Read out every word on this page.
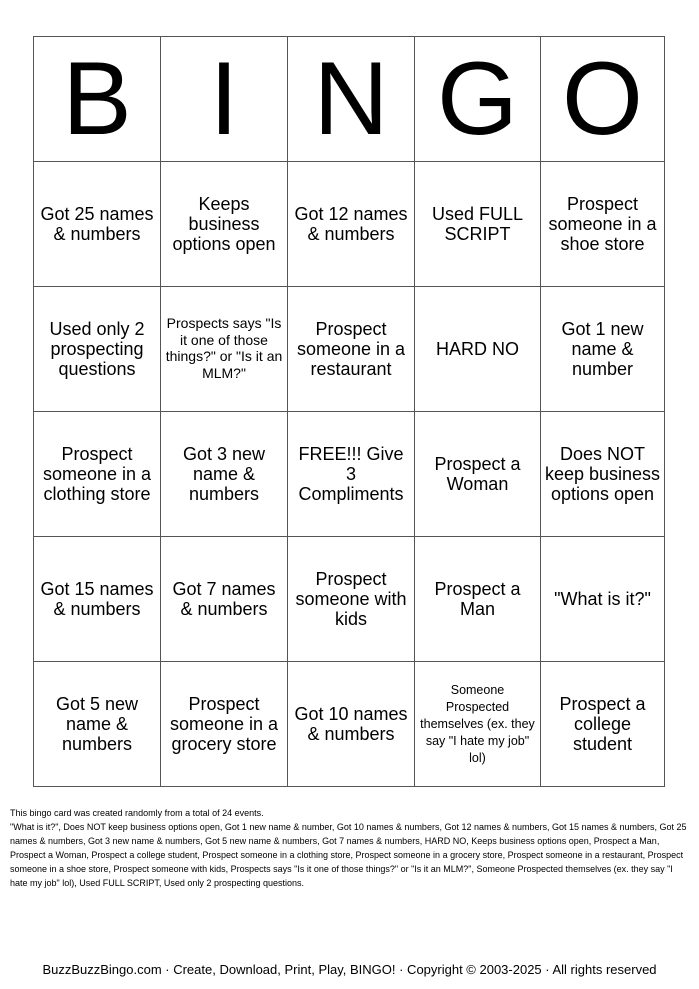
B	I	N	G	O
Got 25 names & numbers	Keeps business options open	Got 12 names & numbers	Used FULL SCRIPT	Prospect someone in a shoe store
Used only 2 prospecting questions	Prospects says "Is it one of those things?" or "Is it an MLM?"	Prospect someone in a restaurant	HARD NO	Got 1 new name & number
Prospect someone in a clothing store	Got 3 new name & numbers	FREE!!! Give 3 Compliments	Prospect a Woman	Does NOT keep business options open
Got 15 names & numbers	Got 7 names & numbers	Prospect someone with kids	Prospect a Man	"What is it?"
Got 5 new name & numbers	Prospect someone in a grocery store	Got 10 names & numbers	Someone Prospected themselves (ex. they say "I hate my job" lol)	Prospect a college student
This bingo card was created randomly from a total of 24 events.
"What is it?", Does NOT keep business options open, Got 1 new name & number, Got 10 names & numbers, Got 12 names & numbers, Got 15 names & numbers, Got 25 names & numbers, Got 3 new name & numbers, Got 5 new name & numbers, Got 7 names & numbers, HARD NO, Keeps business options open, Prospect a Man, Prospect a Woman, Prospect a college student, Prospect someone in a clothing store, Prospect someone in a grocery store, Prospect someone in a restaurant, Prospect someone in a shoe store, Prospect someone with kids, Prospects says "Is it one of those things?" or "Is it an MLM?", Someone Prospected themselves (ex. they say "I hate my job" lol), Used FULL SCRIPT, Used only 2 prospecting questions.
BuzzBuzzBingo.com · Create, Download, Print, Play, BINGO! · Copyright © 2003-2025 · All rights reserved
